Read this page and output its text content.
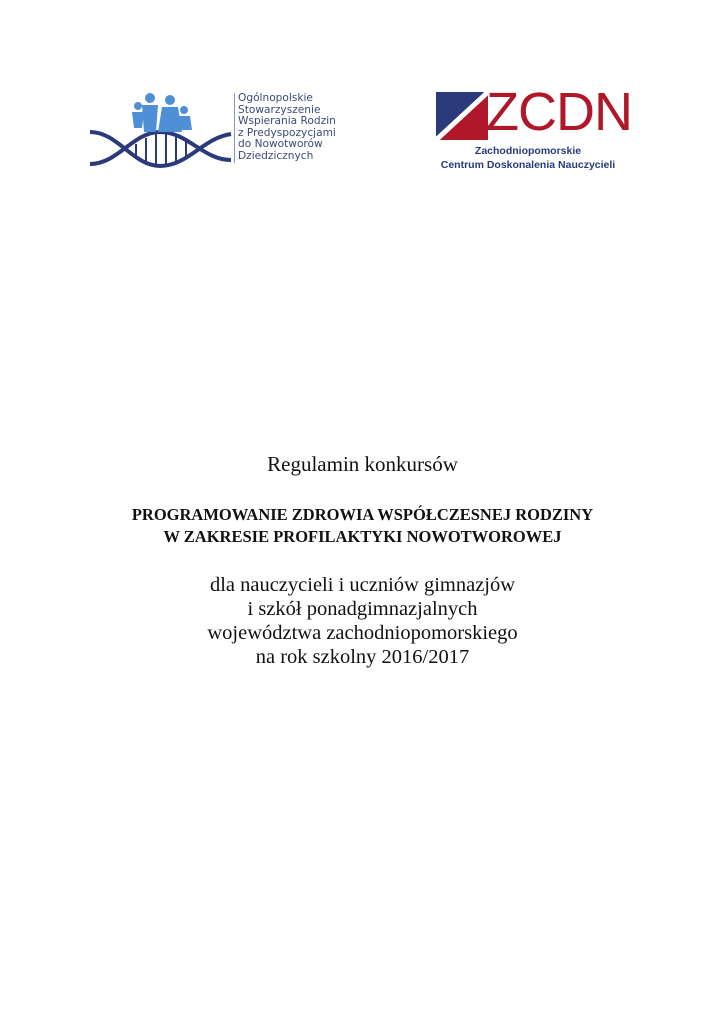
Ogólnopolskie
Stowarzyszenie
Wspierania Rodzin
z Predyspozycjami
do Nowotworów
Dziedzicznych
ZCDN
Zachodniopomorskie
Centrum Doskonalenia Nauczycieli
Regulamin konkursów
PROGRAMOWANIE ZDROWIA WSPÓŁCZESNEJ RODZINY
W ZAKRESIE PROFILAKTYKI NOWOTWOROWEJ
dla nauczycieli i uczniów gimnazjów
i szkół ponadgimnazjalnych
województwa zachodniopomorskiego
na rok szkolny 2016/2017
